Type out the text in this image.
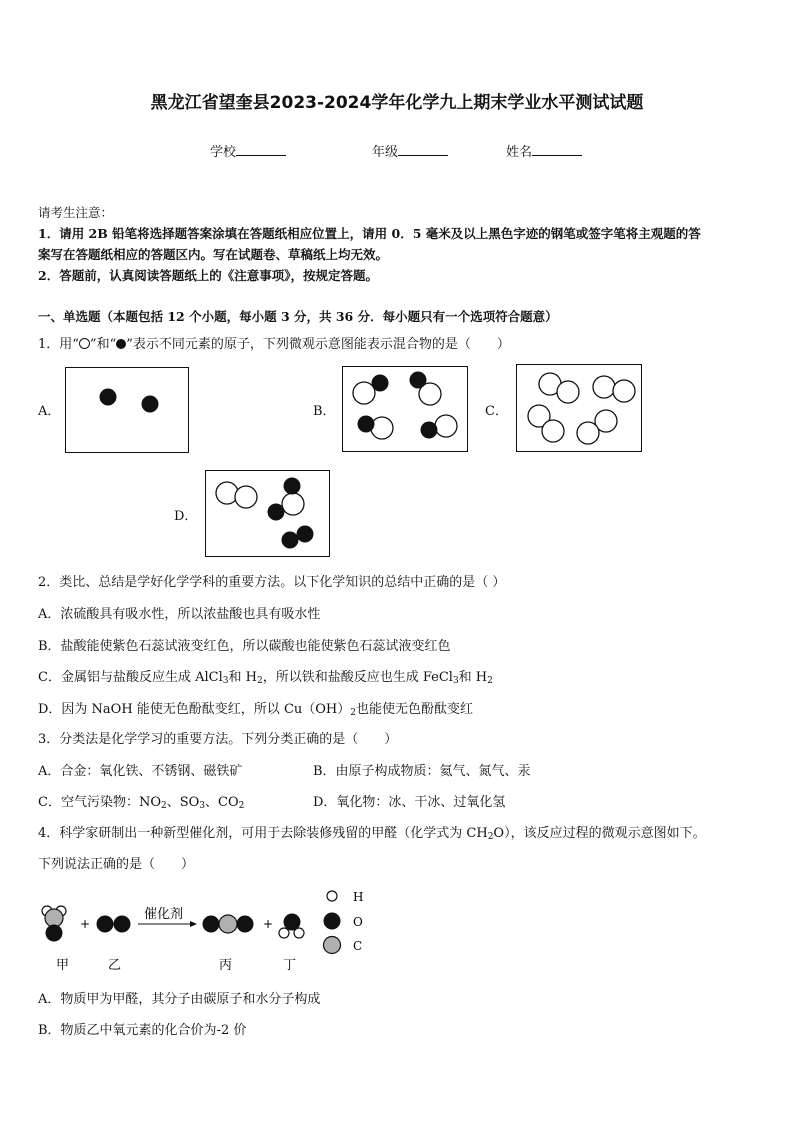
黑龙江省望奎县2023-2024学年化学九上期末学业水平测试试题
学校	年级	姓名
请考生注意：
1．请用 2B 铅笔将选择题答案涂填在答题纸相应位置上，请用 0．5 毫米及以上黑色字迹的钢笔或签字笔将主观题的答
案写在答题纸相应的答题区内。写在试题卷、草稿纸上均无效。
2．答题前，认真阅读答题纸上的《注意事项》，按规定答题。
一、单选题（本题包括 12 个小题，每小题 3 分，共 36 分．每小题只有一个选项符合题意）
1．用“ ”和“ ”表示不同元素的原子，下列微观示意图能表示混合物的是（　　）
A．	B．	C．
D．
2．类比、总结是学好化学学科的重要方法。以下化学知识的总结中正确的是（ ）
A．浓硫酸具有吸水性，所以浓盐酸也具有吸水性
B．盐酸能使紫色石蕊试液变红色，所以碳酸也能使紫色石蕊试液变红色
C．金属铝与盐酸反应生成 AlCl$_3$和 $H_2$，所以铁和盐酸反应也生成 FeCl$_3$和 $H_2$
D．因为 NaOH 能使无色酚酞变红，所以 $Cu(OH)_2$也能使无色酚酞变红
3．分类法是化学学习的重要方法。下列分类正确的是（　　）
A．合金：氧化铁、不锈钢、磁铁矿	B．由原子构成物质：氦气、氮气、汞
C．空气污染物：$NO_2$、$SO_3$、$CO_2$	D．氧化物：冰、干冰、过氧化氢
4．科学家研制出一种新型催化剂，可用于去除装修残留的甲醛（化学式为 $CH_2O$），该反应过程的微观示意图如下。
下列说法正确的是（　　）
+
催化剂
+
H
O
C
甲	乙	丙	丁
A．物质甲为甲醛，其分子由碳原子和水分子构成
B．物质乙中氧元素的化合价为-2 价
